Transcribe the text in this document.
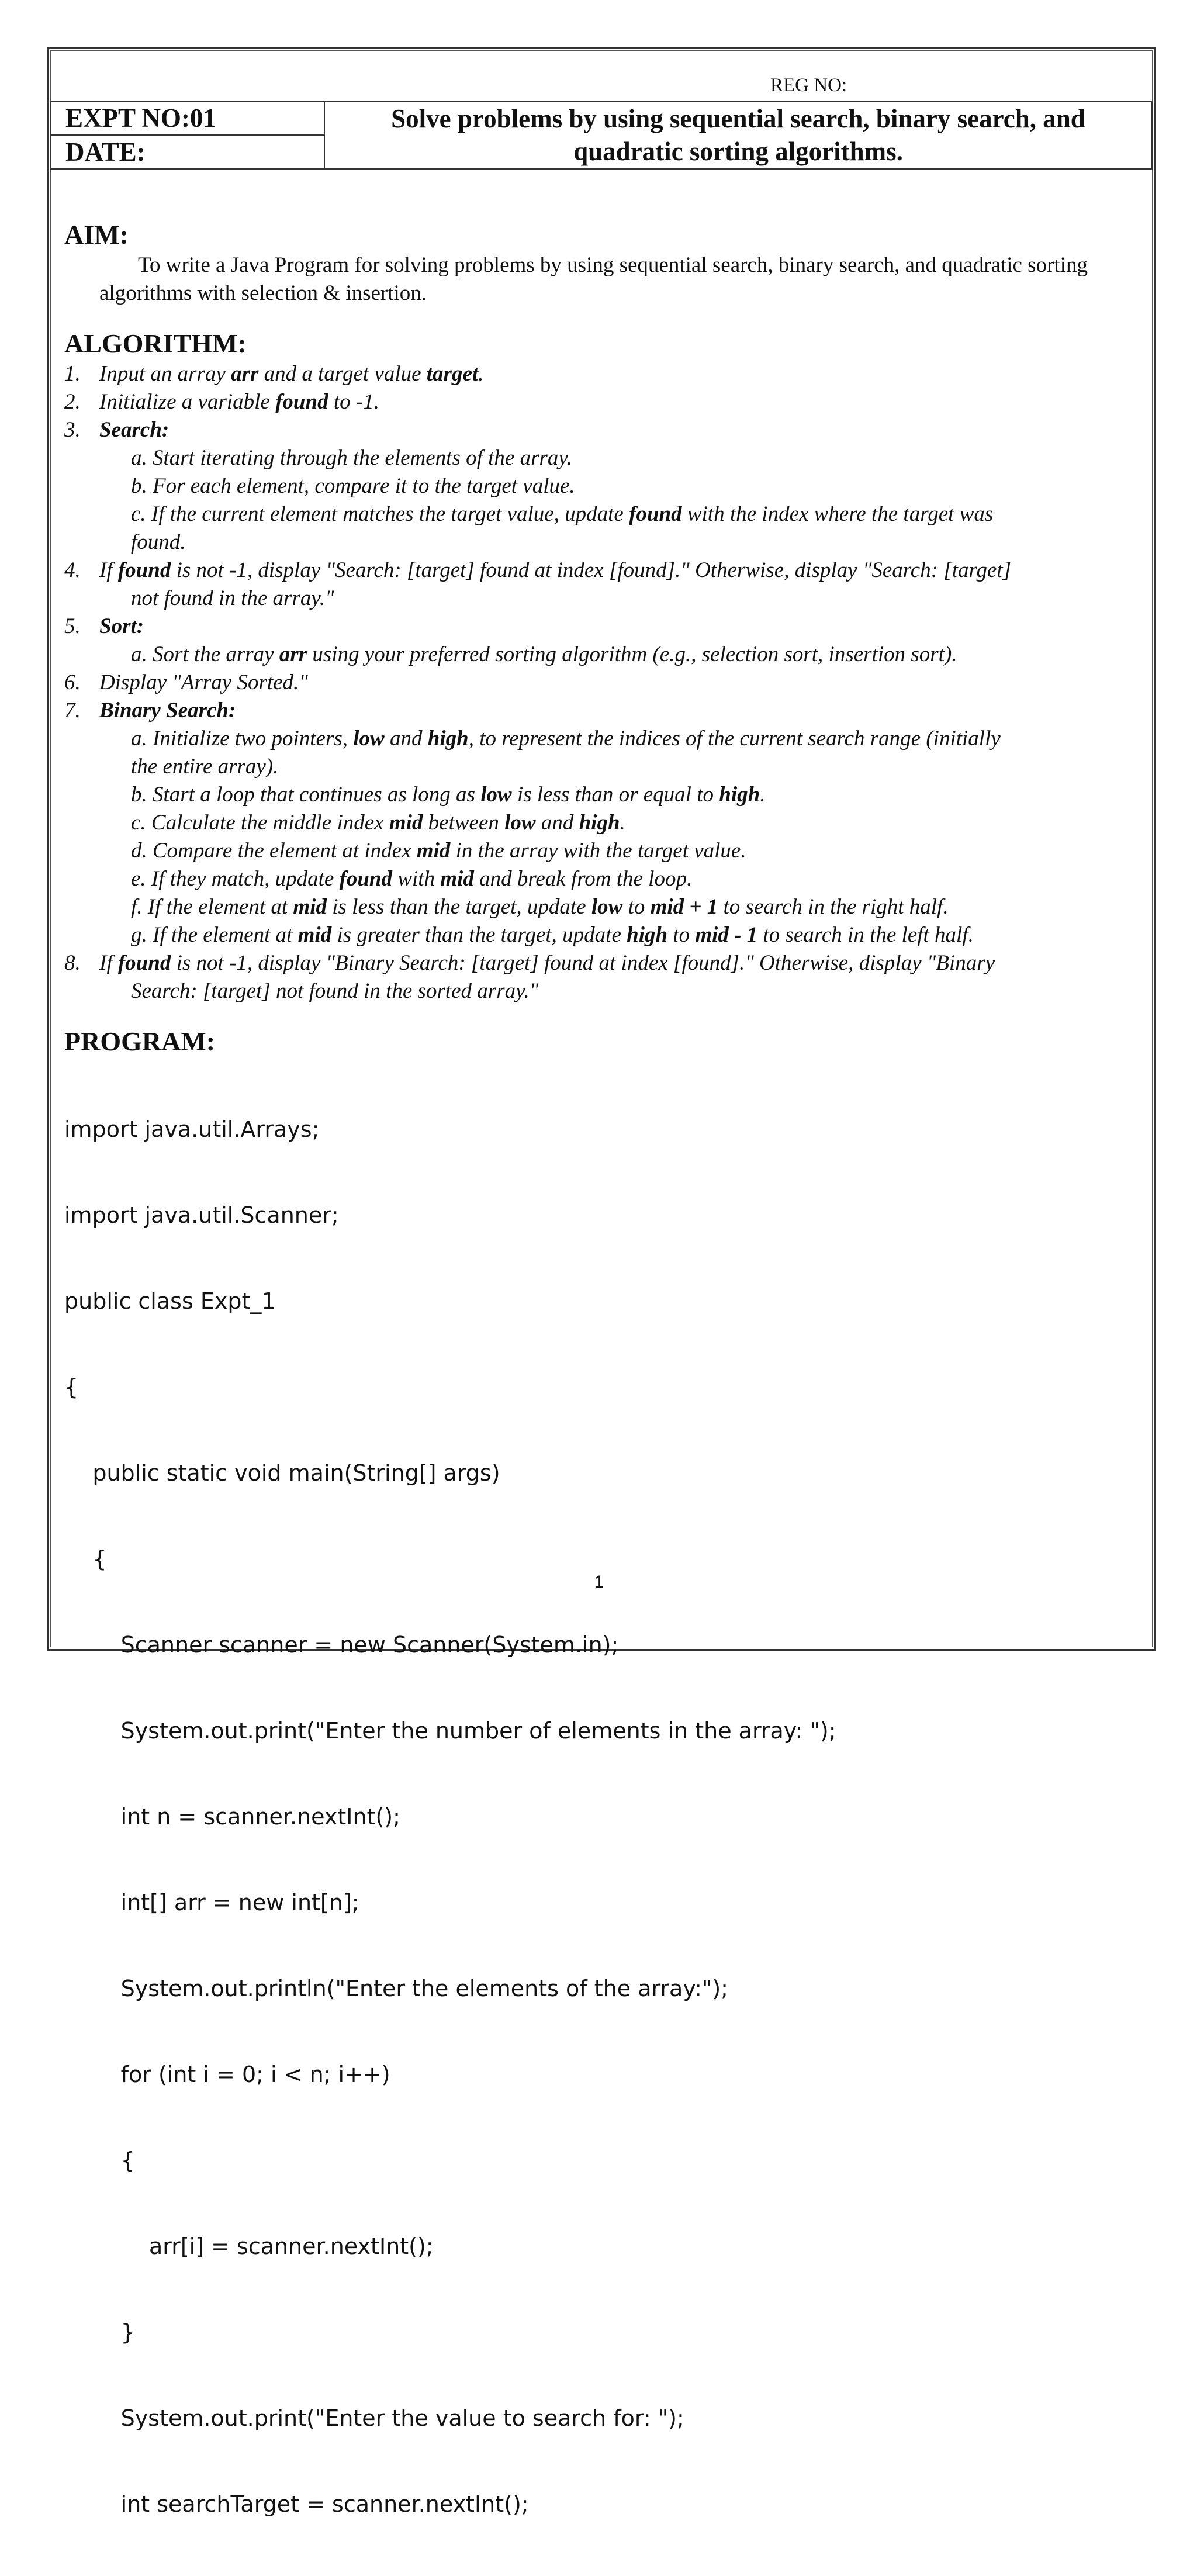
REG NO:
EXPT NO:01	Solve problems by using sequential search, binary search, and
quadratic sorting algorithms.

DATE:
AIM:

To write a Java Program for solving problems by using sequential search, binary search, and quadratic sorting algorithms with selection & insertion.

ALGORITHM:
1. Input an array arr and a target value target.
2. Initialize a variable found to -1.
3. Search:
a. Start iterating through the elements of the array.
b. For each element, compare it to the target value.
c. If the current element matches the target value, update found with the index where the target was
found.
4. If found is not -1, display "Search: [target] found at index [found]." Otherwise, display "Search: [target]
not found in the array."
5. Sort:
a. Sort the array arr using your preferred sorting algorithm (e.g., selection sort, insertion sort).
6. Display "Array Sorted."
7. Binary Search:
a. Initialize two pointers, low and high, to represent the indices of the current search range (initially
the entire array).
b. Start a loop that continues as long as low is less than or equal to high.
c. Calculate the middle index mid between low and high.
d. Compare the element at index mid in the array with the target value.
e. If they match, update found with mid and break from the loop.
f. If the element at mid is less than the target, update low to mid + 1 to search in the right half.
g. If the element at mid is greater than the target, update high to mid - 1 to search in the left half.
8. If found is not -1, display "Binary Search: [target] found at index [found]." Otherwise, display "Binary
Search: [target] not found in the sorted array."
PROGRAM:

import java.util.Arrays;

import java.util.Scanner;

public class Expt_1

{

public static void main(String[] args)

{

Scanner scanner = new Scanner(System.in);

System.out.print("Enter the number of elements in the array: ");

int n = scanner.nextInt();

int[] arr = new int[n];

System.out.println("Enter the elements of the array:");

for (int i = 0; i < n; i++)

{

arr[i] = scanner.nextInt();

}

System.out.print("Enter the value to search for: ");

int searchTarget = scanner.nextInt();

1
